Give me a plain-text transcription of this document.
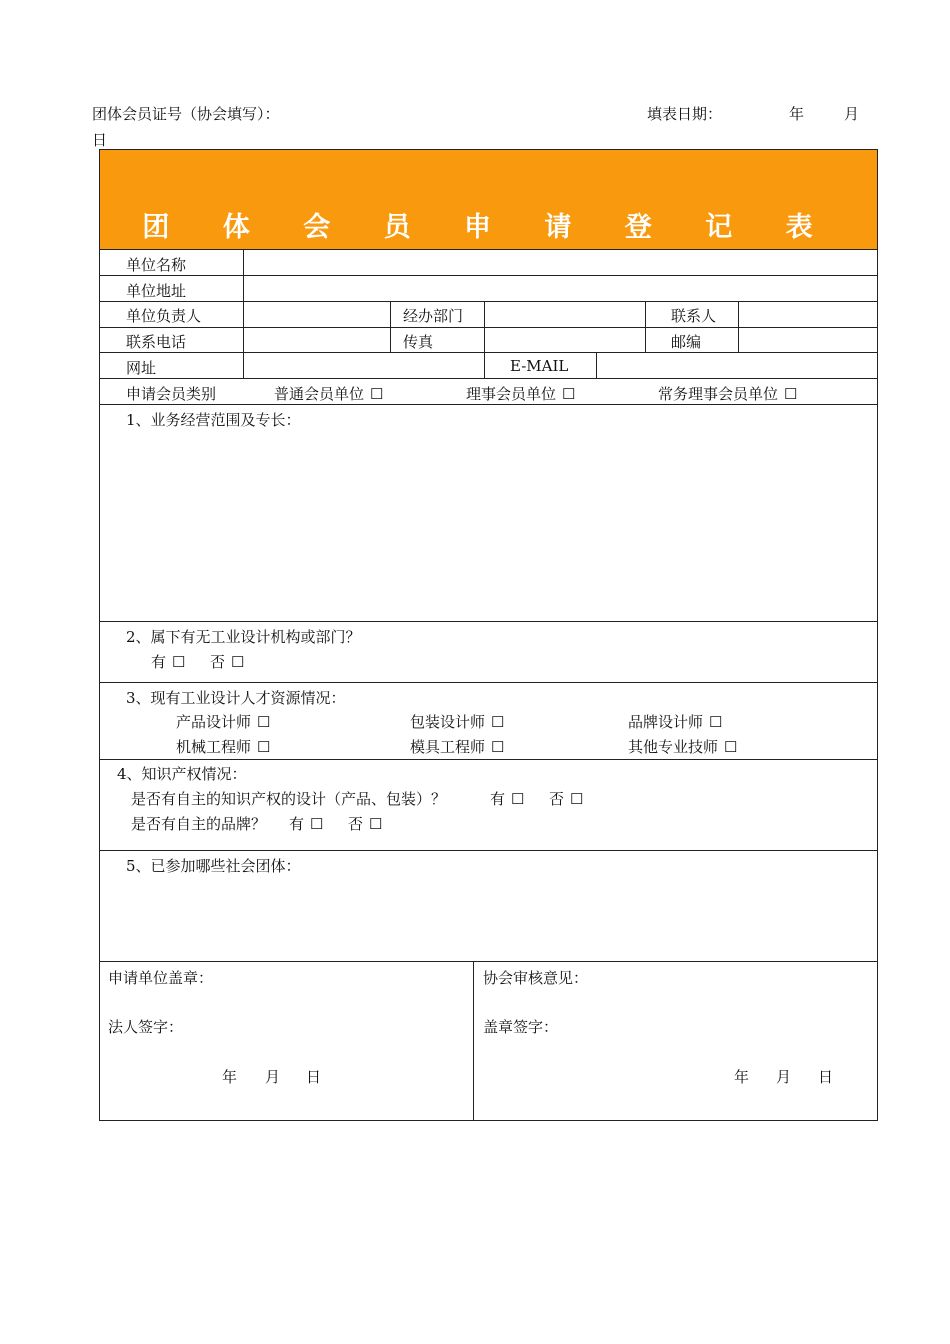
团体会员证号（协会填写）：	填表日期：	年	月
日
团 体 会 员 申 请 登 记 表
单位名称
单位地址
单位负责人	经办部门	联系人
联系电话	传真	邮编
网址	E-MAIL
申请会员类别	普通会员单位 ☐	理事会员单位 ☐	常务理事会员单位 ☐
1、业务经营范围及专长：
2、属下有无工业设计机构或部门？
有 ☐ 否 ☐
3、现有工业设计人才资源情况：
产品设计师 ☐	包装设计师 ☐	品牌设计师 ☐
机械工程师 ☐	模具工程师 ☐	其他专业技师 ☐
4、知识产权情况：
是否有自主的知识产权的设计（产品、包装）？	有 ☐ 否 ☐
是否有自主的品牌？ 有 ☐ 否 ☐
5、已参加哪些社会团体：
申请单位盖章：
法人签字：
年 月 日
协会审核意见：
盖章签字：
年 月 日
